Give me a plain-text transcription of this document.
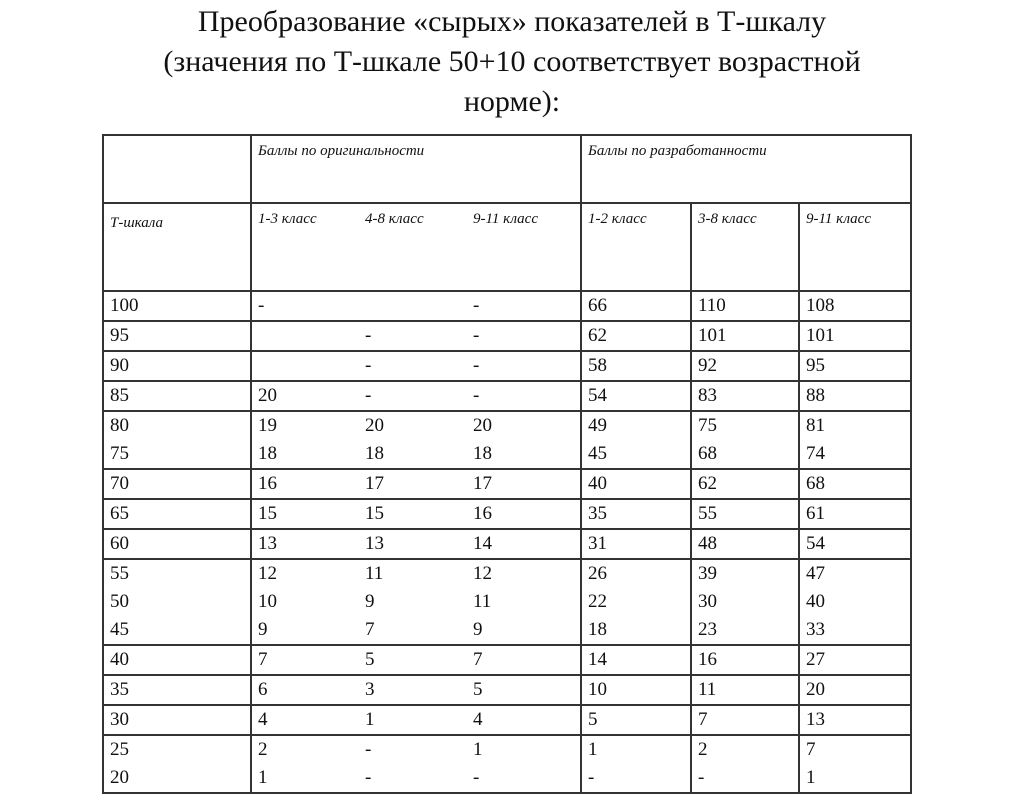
Преобразование «сырых» показателей в Т-шкалу
(значения по Т-шкале 50+10 соответствует возрастной
норме):
	Баллы по оригинальности			Баллы по разработанности		
Т-шкала	1-3 класс	4-8 класс	9-11 класс	1-2 класс	3-8 класс	9-11 класс
100	-		-	66	110	108
95		-	-	62	101	101
90		-	-	58	92	95
85	20	-	-	54	83	88
80	19	20	20	49	75	81
75	18	18	18	45	68	74
70	16	17	17	40	62	68
65	15	15	16	35	55	61
60	13	13	14	31	48	54
55	12	11	12	26	39	47
50	10	9	11	22	30	40
45	9	7	9	18	23	33
40	7	5	7	14	16	27
35	6	3	5	10	11	20
30	4	1	4	5	7	13
25	2	-	1	1	2	7
20	1	-	-	-	-	1
